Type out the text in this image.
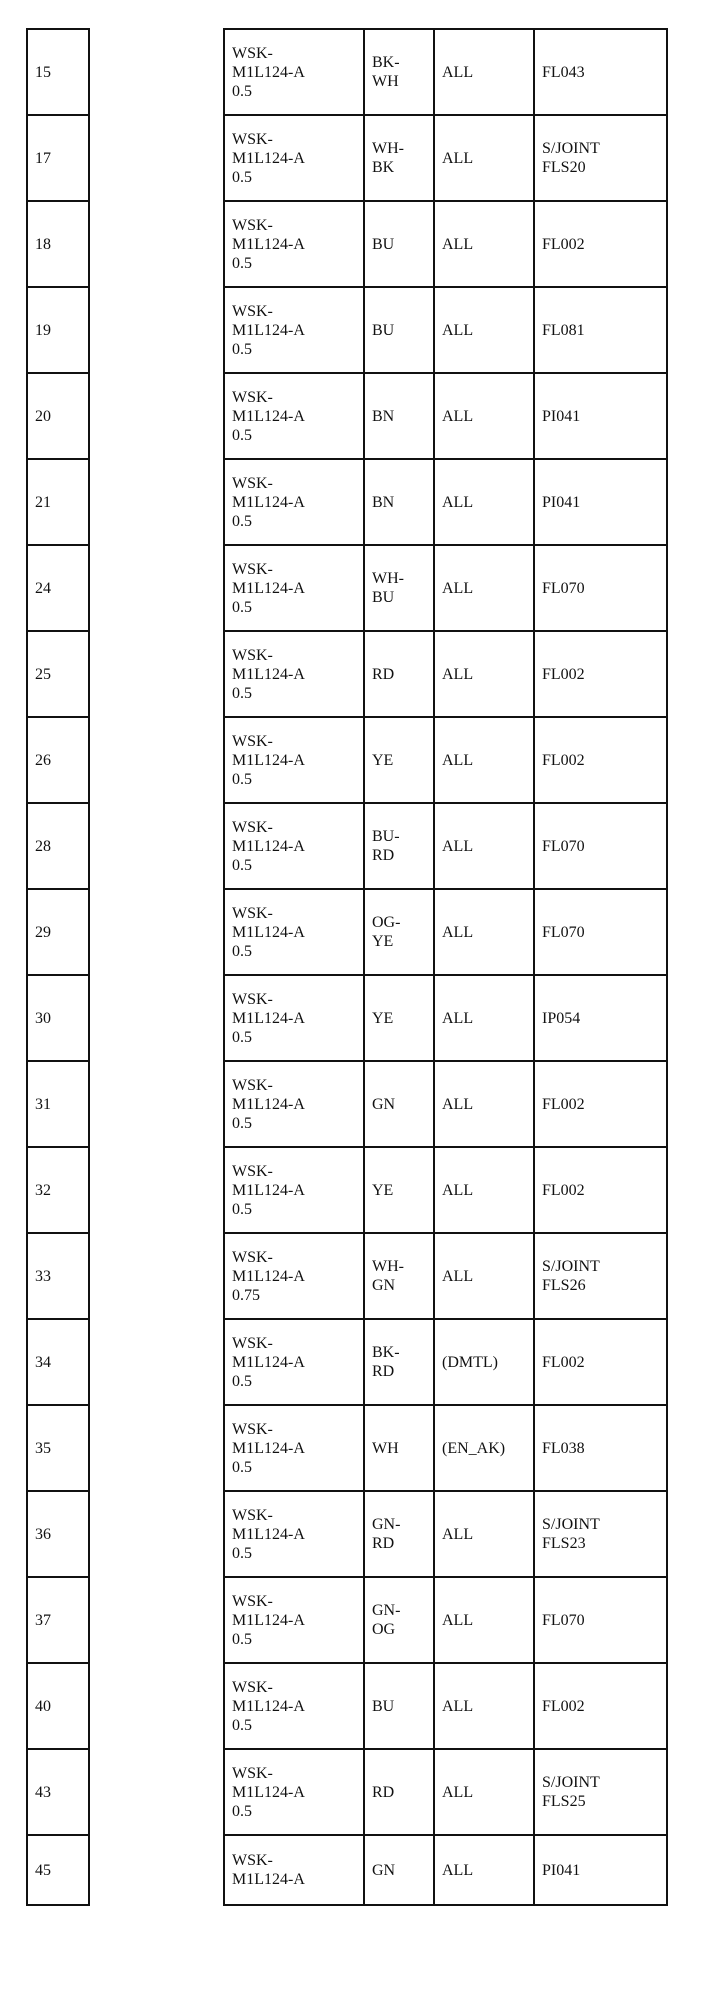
15		WSK-
M1L124-A
0.5	BK-
WH	ALL	FL043

17		WSK-
M1L124-A
0.5	WH-
BK	ALL	S/JOINT
FLS20

18		WSK-
M1L124-A
0.5	BU	ALL	FL002

19		WSK-
M1L124-A
0.5	BU	ALL	FL081

20		WSK-
M1L124-A
0.5	BN	ALL	PI041

21		WSK-
M1L124-A
0.5	BN	ALL	PI041

24		WSK-
M1L124-A
0.5	WH-
BU	ALL	FL070

25		WSK-
M1L124-A
0.5	RD	ALL	FL002

26		WSK-
M1L124-A
0.5	YE	ALL	FL002

28		WSK-
M1L124-A
0.5	BU-
RD	ALL	FL070

29		WSK-
M1L124-A
0.5	OG-
YE	ALL	FL070

30		WSK-
M1L124-A
0.5	YE	ALL	IP054

31		WSK-
M1L124-A
0.5	GN	ALL	FL002

32		WSK-
M1L124-A
0.5	YE	ALL	FL002

33		WSK-
M1L124-A
0.75	WH-
GN	ALL	S/JOINT
FLS26

34		WSK-
M1L124-A
0.5	BK-
RD	(DMTL)	FL002

35		WSK-
M1L124-A
0.5	WH	(EN_AK)	FL038

36		WSK-
M1L124-A
0.5	GN-
RD	ALL	S/JOINT
FLS23

37		WSK-
M1L124-A
0.5	GN-
OG	ALL	FL070

40		WSK-
M1L124-A
0.5	BU	ALL	FL002

43		WSK-
M1L124-A
0.5	RD	ALL	S/JOINT
FLS25

45		WSK-
M1L124-A	GN	ALL	PI041
